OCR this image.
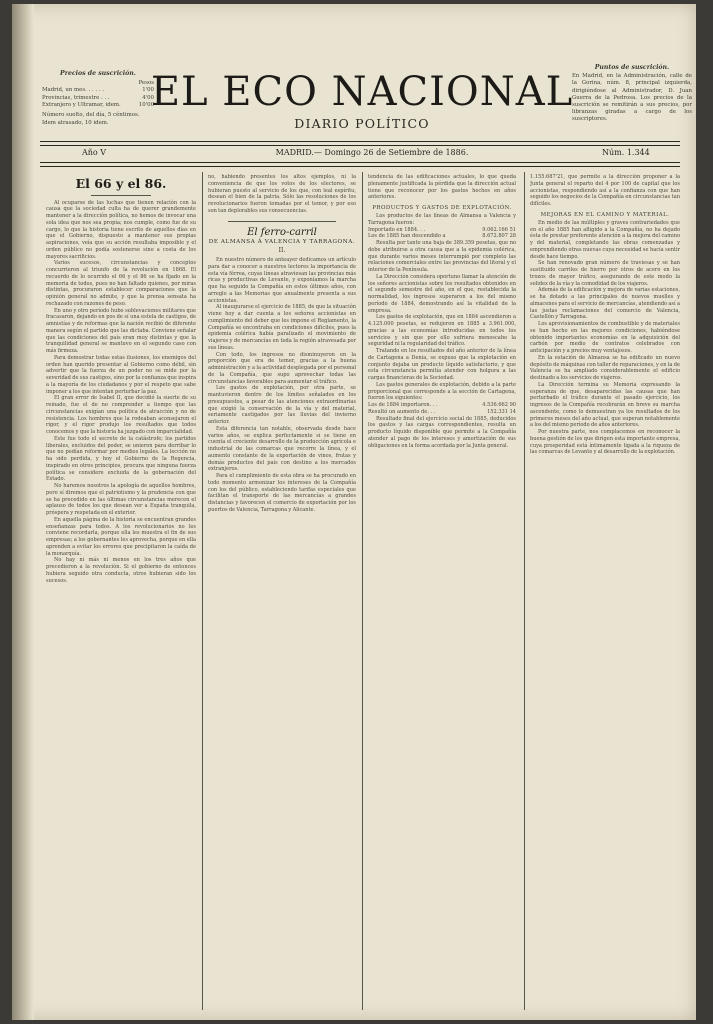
Precios de suscrición.
Pesos
Madrid, un mes. . . . . .	1'00
Provincias, trimestre . . .	4'00
Extranjero y Ultramar, idem.	10'00
Número suelto, del día, 5 céntimos. Idem atrasado, 10 idem.
EL ECO NACIONAL
DIARIO POLÍTICO
Puntos de suscrición.

En Madrid, en la Administración, calle de la Gorina, núm. 8, principal izquierda, dirigiéndose al Administrador, D. Juan Guerra de la Pedrosa. Los precios de la suscrición se remitirán a sus precios, por libranzas giradas a cargo de los suscriptores.

Año V	MADRID.— Domingo 26 de Setiembre de 1886.	Núm. 1.344
El 66 y el 86.

Al ocuparse de las luchas que tienen relación con la causa que la sociedad culta ha de querer grandemente mantener a la dirección política, no hemos de invocar una sola idea que nos sea propia; nos cumple, como fue de su cargo, lo que la historia tiene escrito de aquellos días en que el Gobierno, dispuesto a mantener sus propias aspiraciones, veía que su acción resultaba imposible y el orden público no podía sostenerse sino a costa de los mayores sacrificios.

Varios sucesos, circunstancias y conceptos concurrieron al triunfo de la revolución en 1868. El recuerdo de lo ocurrido el 66 y el 86 se ha fijado en la memoria de todos, pues no han faltado quienes, por miras distintas, procuraron establecer comparaciones que la opinión general no admite, y que la prensa sensata ha rechazado con razones de peso.

En uno y otro período hubo sublevaciones militares que fracasaron, dejando en pos de sí una estela de castigos, de amnistías y de reformas que la nación recibió de diferente manera según el partido que las dictaba. Conviene señalar que las condiciones del país eran muy distintas y que la tranquilidad general se mantuvo en el segundo caso con más firmeza.

Para demostrar todas estas ilusiones, los enemigos del orden han querido presentar al Gobierno como débil, sin advertir que la fuerza de un poder no se mide por la severidad de sus castigos, sino por la confianza que inspira a la mayoría de los ciudadanos y por el respeto que sabe imponer a los que intentan perturbar la paz.

El gran error de Isabel II, que decidió la suerte de su reinado, fue el de no comprender a tiempo que las circunstancias exigían una política de atracción y no de resistencia. Los hombres que la rodeaban aconsejaron el rigor, y el rigor produjo los resultados que todos conocemos y que la historia ha juzgado con imparcialidad.

Este fue todo el secreto de la catástrofe; los partidos liberales, excluidos del poder, se unieron para derribar lo que no podían reformar por medios legales. La lección no ha sido perdida, y hoy el Gobierno de la Regencia, inspirado en otros principios, procura que ninguna fuerza política se considere excluida de la gobernación del Estado.

No haremos nosotros la apología de aquellos hombres, pero sí diremos que el patriotismo y la prudencia con que se ha procedido en las últimas circunstancias merecen el aplauso de todos los que desean ver a España tranquila, próspera y respetada en el exterior.

En aquella página de la historia se encuentran grandes enseñanzas para todos. A los revolucionarios no les conviene recordarla, porque ella les muestra el fin de sus empresas; a los gobernantes les aprovecha, porque en ella aprenden a evitar los errores que precipitaron la caída de la monarquía.

No hay ni más ni menos en los tres años que precedieron a la revolución. Si el gobierno de entonces hubiera seguido otra conducta, otros hubieran sido los sucesos.

no, habiendo presentes los altos ejemplos, ni la conveniencia de que los votos de los electores, se hubieran puesto al servicio de los que, con leal espíritu, desean el bien de la patria. Sólo las resoluciones de los revolucionarios fueron tomadas por el temor, y por eso son tan deplorables sus consecuencias.

El ferro-carril
DE ALMANSA Á VALENCIA Y TARRAGONA.
II.

En nuestro número de anteayer dedicamos un artículo para dar a conocer a nuestros lectores la importancia de esta vía férrea, cuyas líneas atraviesan las provincias más ricas y productivas de Levante, y exponíamos la marcha que ha seguido la Compañía en estos últimos años, con arreglo a las Memorias que anualmente presenta a sus accionistas.

Al inaugurarse el ejercicio de 1885, de que la situación viene hoy a dar cuenta a los señores accionistas en cumplimiento del deber que les impone el Reglamento, la Compañía se encontraba en condiciones difíciles, pues la epidemia colérica había paralizado el movimiento de viajeros y de mercancías en toda la región atravesada por sus líneas.

Con todo, los ingresos no disminuyeron en la proporción que era de temer, gracias a la buena administración y a la actividad desplegada por el personal de la Compañía, que supo aprovechar todas las circunstancias favorables para aumentar el tráfico.

Los gastos de explotación, por otra parte, se mantuvieron dentro de los límites señalados en los presupuestos, a pesar de las atenciones extraordinarias que exigió la conservación de la vía y del material, seriamente castigados por las lluvias del invierno anterior.

Esta diferencia tan notable, observada desde hace varios años, se explica perfectamente si se tiene en cuenta el creciente desarrollo de la producción agrícola e industrial de las comarcas que recorre la línea, y el aumento constante de la exportación de vinos, frutas y demás productos del país con destino a los mercados extranjeros.

Para el cumplimiento de esta obra se ha procurado en todo momento armonizar los intereses de la Compañía con los del público, estableciendo tarifas especiales que facilitan el transporte de las mercancías a grandes distancias y favorecen el comercio de exportación por los puertos de Valencia, Tarragona y Alicante.

tendencia de las edificaciones actuales, lo que queda plenamente justificada la pérdida que la dirección actual tiene que reconocer por los gastos hechos en años anteriores.

PRODUCTOS Y GASTOS DE EXPLOTACIÓN.

Los productos de las líneas de Almansa a Valencia y Tarragona fueron:

Importado en 1884. . .	9.062.166 51
Los de 1885 han descendido a	8.672.807 28

Resulta por tanto una baja de 389.359 pesetas, que no debe atribuirse a otra causa que a la epidemia colérica, que durante varios meses interrumpió por completo las relaciones comerciales entre las provincias del litoral y el interior de la Península.

La Dirección considera oportuno llamar la atención de los señores accionistas sobre los resultados obtenidos en el segundo semestre del año, en el que, restablecida la normalidad, los ingresos superaron a los del mismo período de 1884, demostrando así la vitalidad de la empresa.

Los gastos de explotación, que en 1884 ascendieron a 4.125.000 pesetas, se redujeron en 1885 a 3.961.000, gracias a las economías introducidas en todos los servicios y sin que por ello sufriera menoscabo la seguridad ni la regularidad del tráfico.

Tratando en los resultados del año anterior de la línea de Cartagena a Denia, se expuso que la explotación en conjunto dejaba un producto líquido satisfactorio, y que esta circunstancia permitía atender con holgura a las cargas financieras de la Sociedad.

Los gastos generales de explotación, debido a la parte proporcional que corresponde a la sección de Cartagena, fueron los siguientes:

Los de 1884 importaron. . .	4.536.662 90
Resultó un aumento de. . .	152.331 14

Resultado final del ejercicio social de 1885, deducidos los gastos y las cargas correspondientes, resulta un producto líquido disponible que permite a la Compañía atender al pago de los intereses y amortización de sus obligaciones en la forma acordada por la Junta general.

1.155.687'21, que permite a la dirección proponer a la Junta general el reparto del 4 por 100 de capital que los accionistas, respondiendo así a la confianza con que han seguido los negocios de la Compañía en circunstancias tan difíciles.

MEJORAS EN EL CAMINO Y MATERIAL.

En medio de las múltiples y graves contrariedades que en el año 1885 han afligido a la Compañía, no ha dejado ésta de prestar preferente atención a la mejora del camino y del material, completando las obras comenzadas y emprendiendo otras nuevas cuya necesidad se hacía sentir desde hace tiempo.

Se han renovado gran número de traviesas y se han sustituido carriles de hierro por otros de acero en los trozos de mayor tráfico, asegurando de este modo la solidez de la vía y la comodidad de los viajeros.

Además de la edificación y mejora de varias estaciones, se ha dotado a las principales de nuevos muelles y almacenes para el servicio de mercancías, atendiendo así a las justas reclamaciones del comercio de Valencia, Castellón y Tarragona.

Los aprovisionamientos de combustible y de materiales se han hecho en las mejores condiciones, habiéndose obtenido importantes economías en la adquisición del carbón por medio de contratos celebrados con anticipación y a precios muy ventajosos.

En la estación de Almansa se ha edificado un nuevo depósito de máquinas con taller de reparaciones, y en la de Valencia se ha ampliado considerablemente el edificio destinado a los servicios de viajeros.

La Dirección termina su Memoria expresando la esperanza de que, desaparecidas las causas que han perturbado el tráfico durante el pasado ejercicio, los ingresos de la Compañía recobrarán en breve su marcha ascendente, como lo demuestran ya los resultados de los primeros meses del año actual, que superan notablemente a los del mismo período de años anteriores.

Por nuestra parte, nos complacemos en reconocer la buena gestión de los que dirigen esta importante empresa, cuya prosperidad está íntimamente ligada a la riqueza de las comarcas de Levante y al desarrollo de la explotación.
